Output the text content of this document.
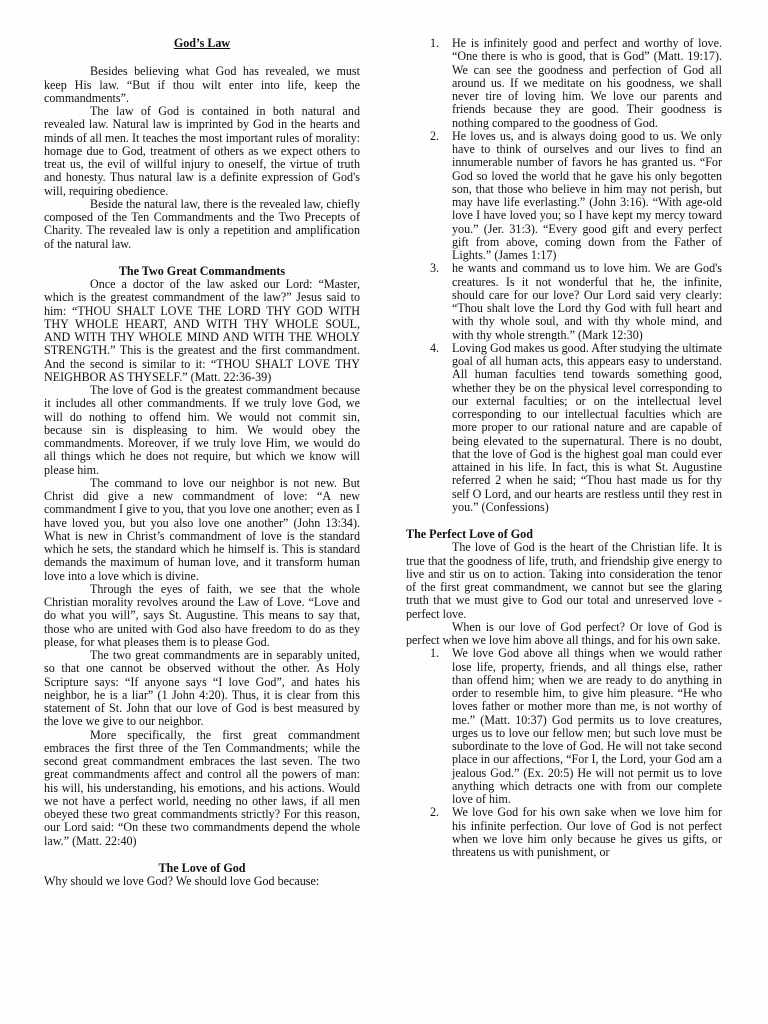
God’s Law

Besides believing what God has revealed, we must keep His law. “But if thou wilt enter into life, keep the commandments”.

The law of God is contained in both natural and revealed law. Natural law is imprinted by God in the hearts and minds of all men. It teaches the most important rules of morality: homage due to God, treatment of others as we expect others to treat us, the evil of willful injury to oneself, the virtue of truth and honesty. Thus natural law is a definite expression of God's will, requiring obedience.

Beside the natural law, there is the revealed law, chiefly composed of the Ten Commandments and the Two Precepts of Charity. The revealed law is only a repetition and amplification of the natural law.

The Two Great Commandments

Once a doctor of the law asked our Lord: “Master, which is the greatest commandment of the law?” Jesus said to him: “THOU SHALT LOVE THE LORD THY GOD WITH THY WHOLE HEART, AND WITH THY WHOLE SOUL, AND WITH THY WHOLE MIND AND WITH THE WHOLY STRENGTH.” This is the greatest and the first commandment. And the second is similar to it: “THOU SHALT LOVE THY NEIGHBOR AS THYSELF.” (Matt. 22:36-39)

The love of God is the greatest commandment because it includes all other commandments. If we truly love God, we will do nothing to offend him. We would not commit sin, because sin is displeasing to him. We would obey the commandments. Moreover, if we truly love Him, we would do all things which he does not require, but which we know will please him.

The command to love our neighbor is not new. But Christ did give a new commandment of love: “A new commandment I give to you, that you love one another; even as I have loved you, but you also love one another” (John 13:34). What is new in Christ’s commandment of love is the standard which he sets, the standard which he himself is. This is standard demands the maximum of human love, and it transform human love into a love which is divine.

Through the eyes of faith, we see that the whole Christian morality revolves around the Law of Love. “Love and do what you will”, says St. Augustine. This means to say that, those who are united with God also have freedom to do as they please, for what pleases them is to please God.

The two great commandments are in separably united, so that one cannot be observed without the other. As Holy Scripture says: “If anyone says “I love God”, and hates his neighbor, he is a liar” (1 John 4:20). Thus, it is clear from this statement of St. John that our love of God is best measured by the love we give to our neighbor.

More specifically, the first great commandment embraces the first three of the Ten Commandments; while the second great commandment embraces the last seven. The two great commandments affect and control all the powers of man: his will, his understanding, his emotions, and his actions. Would we not have a perfect world, needing no other laws, if all men obeyed these two great commandments strictly? For this reason, our Lord said: “On these two commandments depend the whole law.” (Matt. 22:40)

The Love of God

Why should we love God? We should love God because:

1. He is infinitely good and perfect and worthy of love. “One there is who is good, that is God” (Matt. 19:17). We can see the goodness and perfection of God all around us. If we meditate on his goodness, we shall never tire of loving him. We love our parents and friends because they are good. Their goodness is nothing compared to the goodness of God.
2. He loves us, and is always doing good to us. We only have to think of ourselves and our lives to find an innumerable number of favors he has granted us. “For God so loved the world that he gave his only begotten son, that those who believe in him may not perish, but may have life everlasting.” (John 3:16). “With age-old love I have loved you; so I have kept my mercy toward you.” (Jer. 31:3). “Every good gift and every perfect gift from above, coming down from the Father of Lights.” (James 1:17)
3. he wants and command us to love him. We are God's creatures. Is it not wonderful that he, the infinite, should care for our love? Our Lord said very clearly: “Thou shalt love the Lord thy God with full heart and with thy whole soul, and with thy whole mind, and with thy whole strength.” (Mark 12:30)
4. Loving God makes us good. After studying the ultimate goal of all human acts, this appears easy to understand. All human faculties tend towards something good, whether they be on the physical level corresponding to our external faculties; or on the intellectual level corresponding to our intellectual faculties which are more proper to our rational nature and are capable of being elevated to the supernatural. There is no doubt, that the love of God is the highest goal man could ever attained in his life. In fact, this is what St. Augustine referred 2 when he said; “Thou hast made us for thy self O Lord, and our hearts are restless until they rest in you.” (Confessions)
The Perfect Love of God

The love of God is the heart of the Christian life. It is true that the goodness of life, truth, and friendship give energy to live and stir us on to action. Taking into consideration the tenor of the first great commandment, we cannot but see the glaring truth that we must give to God our total and unreserved love - perfect love.

When is our love of God perfect? Or love of God is perfect when we love him above all things, and for his own sake.

1. We love God above all things when we would rather lose life, property, friends, and all things else, rather than offend him; when we are ready to do anything in order to resemble him, to give him pleasure. “He who loves father or mother more than me, is not worthy of me.” (Matt. 10:37) God permits us to love creatures, urges us to love our fellow men; but such love must be subordinate to the love of God. He will not take second place in our affections, “For I, the Lord, your God am a jealous God.” (Ex. 20:5) He will not permit us to love anything which detracts one with from our complete love of him.
2. We love God for his own sake when we love him for his infinite perfection. Our love of God is not perfect when we love him only because he gives us gifts, or threatens us with punishment, or
